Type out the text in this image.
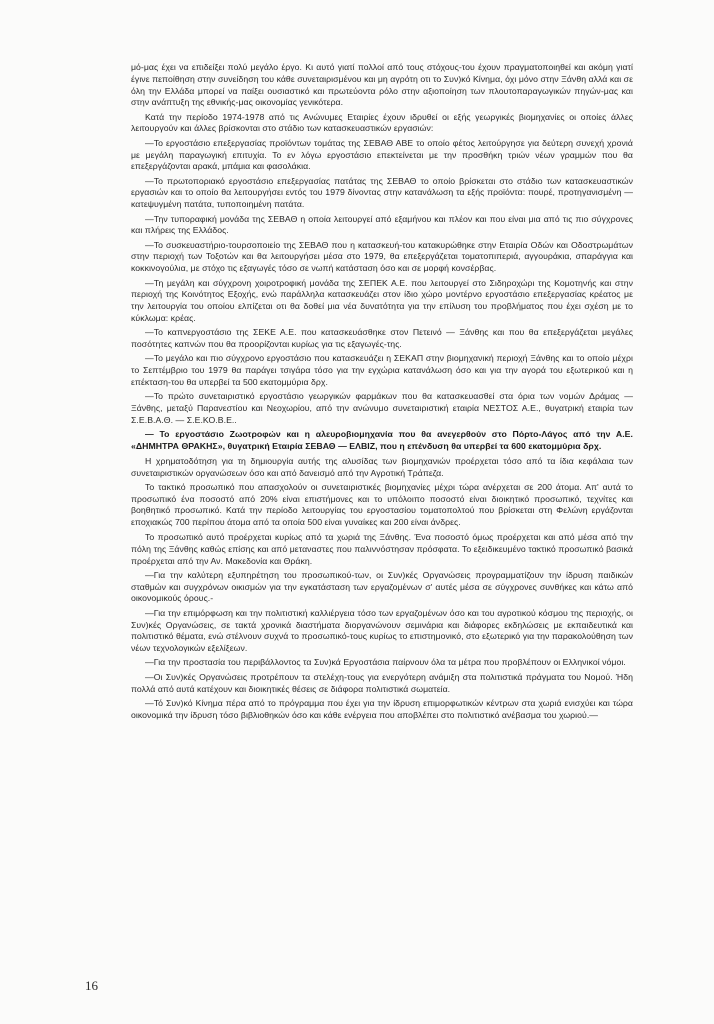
μό-μας έχει να επιδείξει πολύ μεγάλο έργο. Κι αυτό γιατί πολλοί από τους στόχους-του έχουν πραγματοποιηθεί και ακόμη γιατί έγινε πεποίθηση στην συνείδηση του κάθε συνεταιρισμένου και μη αγρότη οτι το Συν)κό Κίνημα, όχι μόνο στην Ξάνθη αλλά και σε όλη την Ελλάδα μπορεί να παίξει ουσιαστικό και πρωτεύοντα ρόλο στην αξιοποίηση των πλουτοπαραγωγικών πηγών-μας και στην ανάπτυξη της εθνικής-μας οικονομίας γενικότερα.

Κατά την περίοδο 1974-1978 από τις Ανώνυμες Εταιρίες έχουν ιδρυθεί οι εξής γεωργικές βιομηχανίες οι οποίες άλλες λειτουργούν και άλλες βρίσκονται στο στάδιο των κατασκευαστικών εργασιών:

—Το εργοστάσιο επεξεργασίας προϊόντων τομάτας της ΣΕΒΑΘ ΑΒΕ το οποίο φέτος λειτούργησε για δεύτερη συνεχή χρονιά με μεγάλη παραγωγική επιτυχία. Το εν λόγω εργοστάσιο επεκτείνεται με την προσθήκη τριών νέων γραμμών που θα επεξεργάζονται αρακά, μπάμια και φασολάκια.

—Το πρωτοποριακό εργοστάσιο επεξεργασίας πατάτας της ΣΕΒΑΘ το οποίο βρίσκεται στο στάδιο των κατασκευαστικών εργασιών και το οποίο θα λειτουργήσει εντός του 1979 δίνοντας στην κατανάλωση τα εξής προϊόντα: πουρέ, προτηγανισμένη — κατεψυγμένη πατάτα, τυποποιημένη πατάτα.

—Την τυποραφική μονάδα της ΣΕΒΑΘ η οποία λειτουργεί από εξαμήνου και πλέον και που είναι μια από τις πιο σύγχρονες και πλήρεις της Ελλάδος.

—Το συσκευαστήριο-τουρσοποιείο της ΣΕΒΑΘ που η κατασκευή-του κατακυρώθηκε στην Εταιρία Οδών και Οδοστρωμάτων στην περιοχή των Τοξοτών και θα λειτουργήσει μέσα στο 1979, θα επεξεργάζεται τοματοπιπεριά, αγγουράκια, σπαράγγια και κοκκινογούλια, με στόχο τις εξαγωγές τόσο σε νωπή κατάσταση όσο και σε μορφή κονσέρβας.

—Τη μεγάλη και σύγχρονη χοιροτροφική μονάδα της ΣΕΠΕΚ Α.Ε. που λειτουργεί στο Σιδηροχώρι της Κομοτηνής και στην περιοχή της Κοινότητος Εξοχής, ενώ παράλληλα κατασκευάζει στον ίδιο χώρο μοντέρνο εργοστάσιο επεξεργασίας κρέατος με την λειτουργία του οποίου ελπίζεται οτι θα δοθεί μια νέα δυνατότητα για την επίλυση του προβλήματος που έχει σχέση με το κύκλωμα: κρέας.

—Το καπνεργοστάσιο της ΣΕΚΕ Α.Ε. που κατασκευάσθηκε στον Πετεινό — Ξάνθης και που θα επεξεργάζεται μεγάλες ποσότητες καπνών που θα προορίζονται κυρίως για τις εξαγωγές-της.

—Το μεγάλο και πιο σύγχρονο εργοστάσιο που κατασκευάζει η ΣΕΚΑΠ στην βιομηχανική περιοχή Ξάνθης και το οποίο μέχρι το Σεπτέμβριο του 1979 θα παράγει τσιγάρα τόσο για την εγχώρια κατανάλωση όσο και για την αγορά του εξωτερικού και η επέκταση-του θα υπερβεί τα 500 εκατομμύρια δρχ.

—Το πρώτο συνεταιριστικό εργοστάσιο γεωργικών φαρμάκων που θα κατασκευασθεί στα όρια των νομών Δράμας — Ξάνθης, μεταξύ Παρανεστίου και Νεοχωρίου, από την ανώνυμο συνεταιριστική εταιρία ΝΕΣΤΟΣ Α.Ε., θυγατρική εταιρία των Σ.Ε.Β.Α.Θ. — Σ.Ε.ΚΟ.Β.Ε..

— Το εργοστάσιο Ζωοτροφών και η αλευροβιομηχανία που θα ανεγερθούν στο Πόρτο-Λάγος από την Α.Ε. «ΔΗΜΗΤΡΑ ΘΡΑΚΗΣ», θυγατρική Εταιρία ΣΕΒΑΘ — ΕΛΒΙΖ, που η επένδυση θα υπερβεί τα 600 εκατομμύρια δρχ.

Η χρηματοδότηση για τη δημιουργία αυτής της αλυσίδας των βιομηχανιών προέρχεται τόσο από τα ίδια κεφάλαια των συνεταιριστικών οργανώσεων όσο και από δανεισμό από την Αγροτική Τράπεζα.

Το τακτικό προσωπικό που απασχολούν οι συνεταιριστικές βιομηχανίες μέχρι τώρα ανέρχεται σε 200 άτομα. Απ' αυτά το προσωπικό ένα ποσοστό από 20% είναι επιστήμονες και το υπόλοιπο ποσοστό είναι διοικητικό προσωπικό, τεχνίτες και βοηθητικό προσωπικό. Κατά την περίοδο λειτουργίας του εργοστασίου τοματοπολτού που βρίσκεται στη Φελώνη εργάζονται εποχιακώς 700 περίπου άτομα από τα οποία 500 είναι γυναίκες και 200 είναι άνδρες.

Το προσωπικό αυτό προέρχεται κυρίως από τα χωριά της Ξάνθης. Ένα ποσοστό όμως προέρχεται και από μέσα από την πόλη της Ξάνθης καθώς επίσης και από μεταναστες που παλιννόστησαν πρόσφατα. Το εξειδικευμένο τακτικό προσωπικό βασικά προέρχεται από την Αν. Μακεδονία και Θράκη.

—Για την καλύτερη εξυπηρέτηση του προσωπικού-των, οι Συν)κές Οργανώσεις προγραμματίζουν την ίδρυση παιδικών σταθμών και συγχρόνων οικισμών για την εγκατάσταση των εργαζομένων σ' αυτές μέσα σε σύγχρονες συνθήκες και κάτω από οικονομικούς όρους.-

—Για την επιμόρφωση και την πολιτιστική καλλιέργεια τόσο των εργαζομένων όσο και του αγροτικού κόσμου της περιοχής, οι Συν)κές Οργανώσεις, σε τακτά χρονικά διαστήματα διοργανώνουν σεμινάρια και διάφορες εκδηλώσεις με εκπαιδευτικά και πολιτιστικό θέματα, ενώ στέλνουν συχνά το προσωπικό-τους κυρίως το επιστημονικό, στο εξωτερικό για την παρακολούθηση των νέων τεχνολογικών εξελίξεων.

—Για την προστασία του περιβάλλοντος τα Συν)κά Εργοστάσια παίρνουν όλα τα μέτρα που προβλέπουν οι Ελληνικοί νόμοι.

—Οι Συν)κές Οργανώσεις προτρέπουν τα στελέχη-τους για ενεργότερη ανάμιξη στα πολιτιστικά πράγματα του Νομού. Ήδη πολλά από αυτά κατέχουν και διοικητικές θέσεις σε διάφορα πολιτιστικά σωματεία.

—Τό Συν)κό Κίνημα πέρα από το πρόγραμμα που έχει για την ίδρυση επιμορφωτικών κέντρων στα χωριά ενισχύει και τώρα οικονομικά την ίδρυση τόσο βιβλιοθηκών όσο και κάθε ενέργεια που αποβλέπει στο πολιτιστικό ανέβασμα του χωριού.—

16
